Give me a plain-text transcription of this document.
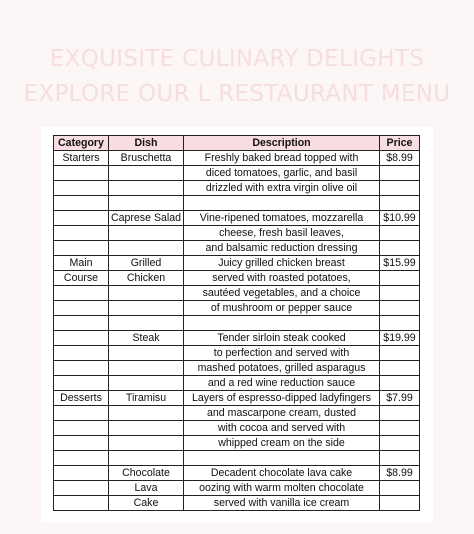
EXQUISITE CULINARY DELIGHTS
EXPLORE OUR L RESTAURANT MENU
Category	Dish	Description	Price
Starters	Bruschetta	Freshly baked bread topped with	$8.99
		diced tomatoes, garlic, and basil	
		drizzled with extra virgin olive oil	

	Caprese Salad	Vine-ripened tomatoes, mozzarella	$10.99
		cheese, fresh basil leaves,	
		and balsamic reduction dressing	
Main	Grilled	Juicy grilled chicken breast	$15.99
Course	Chicken	served with roasted potatoes,	
		sautéed vegetables, and a choice	
		of mushroom or pepper sauce	

	Steak	Tender sirloin steak cooked	$19.99
		to perfection and served with	
		mashed potatoes, grilled asparagus	
		and a red wine reduction sauce	
Desserts	Tiramisu	Layers of espresso-dipped ladyfingers	$7.99
		and mascarpone cream, dusted	
		with cocoa and served with	
		whipped cream on the side	

	Chocolate	Decadent chocolate lava cake	$8.99
	Lava	oozing with warm molten chocolate	
	Cake	served with vanilla ice cream	
